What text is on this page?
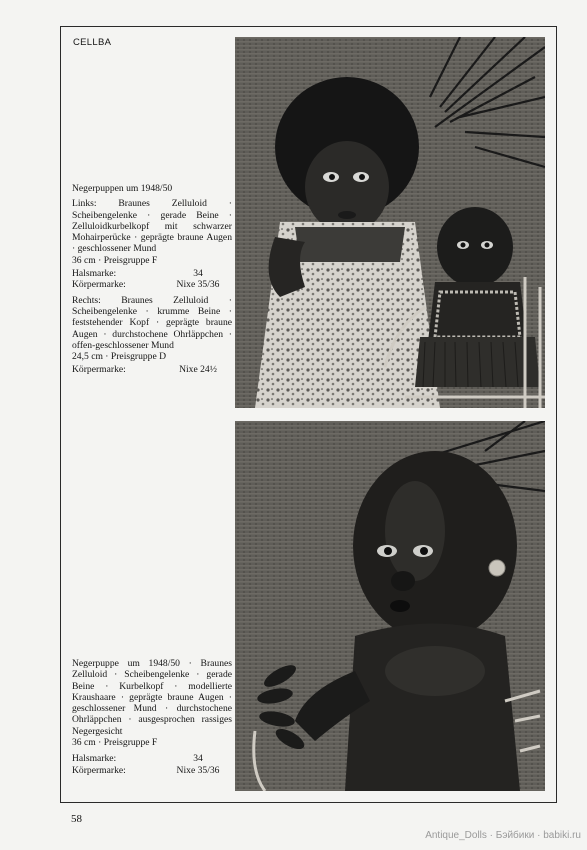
CELLBA

Negerpuppen um 1948/50

Links: Braunes Zelluloid · Scheibengelenke · gerade Beine · Zelluloidkurbelkopf mit schwarzer Mohairperücke · geprägte braune Augen · geschlossener Mund

36 cm · Preisgruppe F

Halsmarke:	34
Körpermarke:	Nixe 35/36

Rechts: Braunes Zelluloid · Scheibengelenke · krumme Beine · feststehender Kopf · geprägte braune Augen · durchstochene Ohrläppchen · offen-geschlossener Mund

24,5 cm · Preisgruppe D

Körpermarke:	Nixe 24½

Negerpuppe um 1948/50 · Braunes Zelluloid · Scheibengelenke · gerade Beine · Kurbelkopf · modellierte Kraushaare · geprägte braune Augen · geschlossener Mund · durchstochene Ohrläppchen · ausgesprochen rassiges Negergesicht

36 cm · Preisgruppe F

Halsmarke:	34
Körpermarke:	Nixe 35/36
58
Antique_Dolls · Бэйбики · babiki.ru
